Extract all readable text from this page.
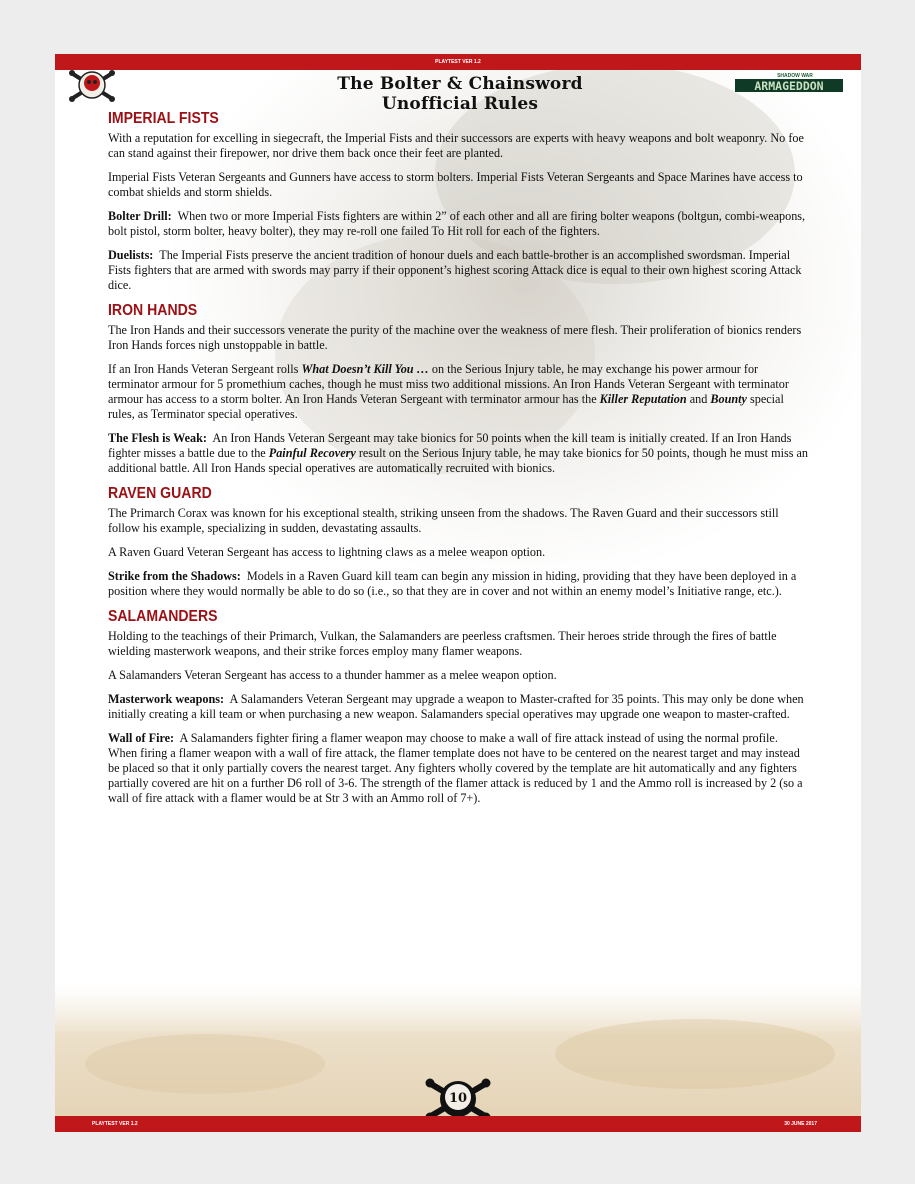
PLAYTEST VER 1.2
The Bolter & Chainsword Unofficial Rules
SHADOW WAR
ARMAGEDDON
IMPERIAL FISTS

With a reputation for excelling in siegecraft, the Imperial Fists and their successors are experts with heavy weapons and bolt weaponry. No foe can stand against their firepower, nor drive them back once their feet are planted.

Imperial Fists Veteran Sergeants and Gunners have access to storm bolters. Imperial Fists Veteran Sergeants and Space Marines have access to combat shields and storm shields.

Bolter Drill: When two or more Imperial Fists fighters are within 2” of each other and all are firing bolter weapons (boltgun, combi-weapons, bolt pistol, storm bolter, heavy bolter), they may re-roll one failed To Hit roll for each of the fighters.

Duelists: The Imperial Fists preserve the ancient tradition of honour duels and each battle-brother is an accomplished swordsman. Imperial Fists fighters that are armed with swords may parry if their opponent’s highest scoring Attack dice is equal to their own highest scoring Attack dice.

IRON HANDS

The Iron Hands and their successors venerate the purity of the machine over the weakness of mere flesh. Their proliferation of bionics renders Iron Hands forces nigh unstoppable in battle.

If an Iron Hands Veteran Sergeant rolls What Doesn’t Kill You … on the Serious Injury table, he may exchange his power armour for terminator armour for 5 promethium caches, though he must miss two additional missions. An Iron Hands Veteran Sergeant with terminator armour has access to a storm bolter. An Iron Hands Veteran Sergeant with terminator armour has the Killer Reputation and Bounty special rules, as Terminator special operatives.

The Flesh is Weak: An Iron Hands Veteran Sergeant may take bionics for 50 points when the kill team is initially created. If an Iron Hands fighter misses a battle due to the Painful Recovery result on the Serious Injury table, he may take bionics for 50 points, though he must miss an additional battle. All Iron Hands special operatives are automatically recruited with bionics.

RAVEN GUARD

The Primarch Corax was known for his exceptional stealth, striking unseen from the shadows. The Raven Guard and their successors still follow his example, specializing in sudden, devastating assaults.

A Raven Guard Veteran Sergeant has access to lightning claws as a melee weapon option.

Strike from the Shadows: Models in a Raven Guard kill team can begin any mission in hiding, providing that they have been deployed in a position where they would normally be able to do so (i.e., so that they are in cover and not within an enemy model’s Initiative range, etc.).

SALAMANDERS

Holding to the teachings of their Primarch, Vulkan, the Salamanders are peerless craftsmen. Their heroes stride through the fires of battle wielding masterwork weapons, and their strike forces employ many flamer weapons.

A Salamanders Veteran Sergeant has access to a thunder hammer as a melee weapon option.

Masterwork weapons: A Salamanders Veteran Sergeant may upgrade a weapon to Master-crafted for 35 points. This may only be done when initially creating a kill team or when purchasing a new weapon. Salamanders special operatives may upgrade one weapon to master-crafted.

Wall of Fire: A Salamanders fighter firing a flamer weapon may choose to make a wall of fire attack instead of using the normal profile. When firing a flamer weapon with a wall of fire attack, the flamer template does not have to be centered on the nearest target and may instead be placed so that it only partially covers the nearest target. Any fighters wholly covered by the template are hit automatically and any fighters partially covered are hit on a further D6 roll of 3-6. The strength of the flamer attack is reduced by 1 and the Ammo roll is increased by 2 (so a wall of fire attack with a flamer would be at Str 3 with an Ammo roll of 7+).

10
PLAYTEST VER 1.2	30 JUNE 2017
